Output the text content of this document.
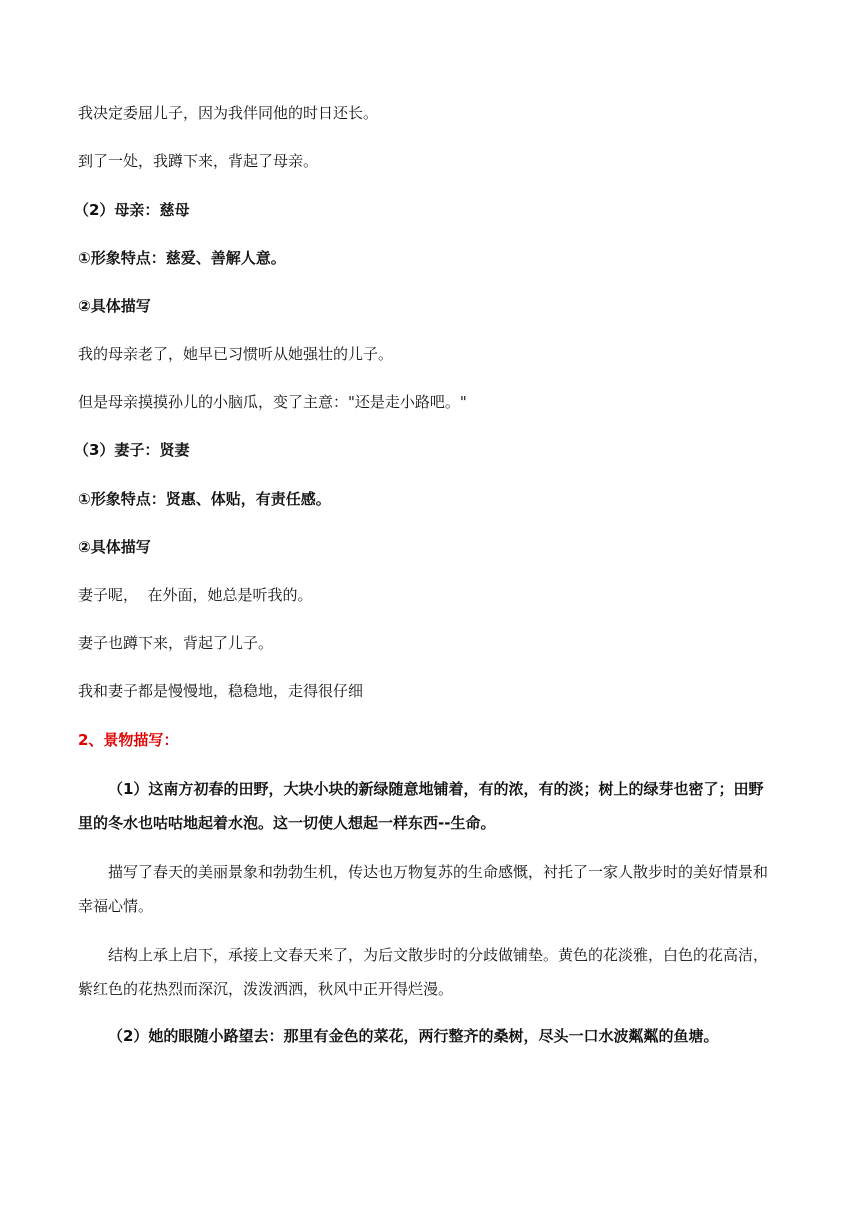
我决定委屈儿子，因为我伴同他的时日还长。
到了一处，我蹲下来，背起了母亲。
（2）母亲：慈母
①形象特点：慈爱、善解人意。
②具体描写
我的母亲老了，她早已习惯听从她强壮的儿子。
但是母亲摸摸孙儿的小脑瓜，变了主意："还是走小路吧。"
（3）妻子：贤妻
①形象特点：贤惠、体贴，有责任感。
②具体描写
妻子呢，  在外面，她总是听我的。
妻子也蹲下来，背起了儿子。
我和妻子都是慢慢地，稳稳地，走得很仔细
2、景物描写：
（1）这南方初春的田野，大块小块的新绿随意地铺着，有的浓，有的淡；树上的绿芽也密了；田野里的冬水也咕咕地起着水泡。这一切使人想起一样东西--生命。
描写了春天的美丽景象和勃勃生机，传达也万物复苏的生命感慨，衬托了一家人散步时的美好情景和幸福心情。
结构上承上启下，承接上文春天来了，为后文散步时的分歧做铺垫。黄色的花淡雅，白色的花高洁，紫红色的花热烈而深沉，泼泼洒洒，秋风中正开得烂漫。
（2）她的眼随小路望去：那里有金色的菜花，两行整齐的桑树，尽头一口水波粼粼的鱼塘。
